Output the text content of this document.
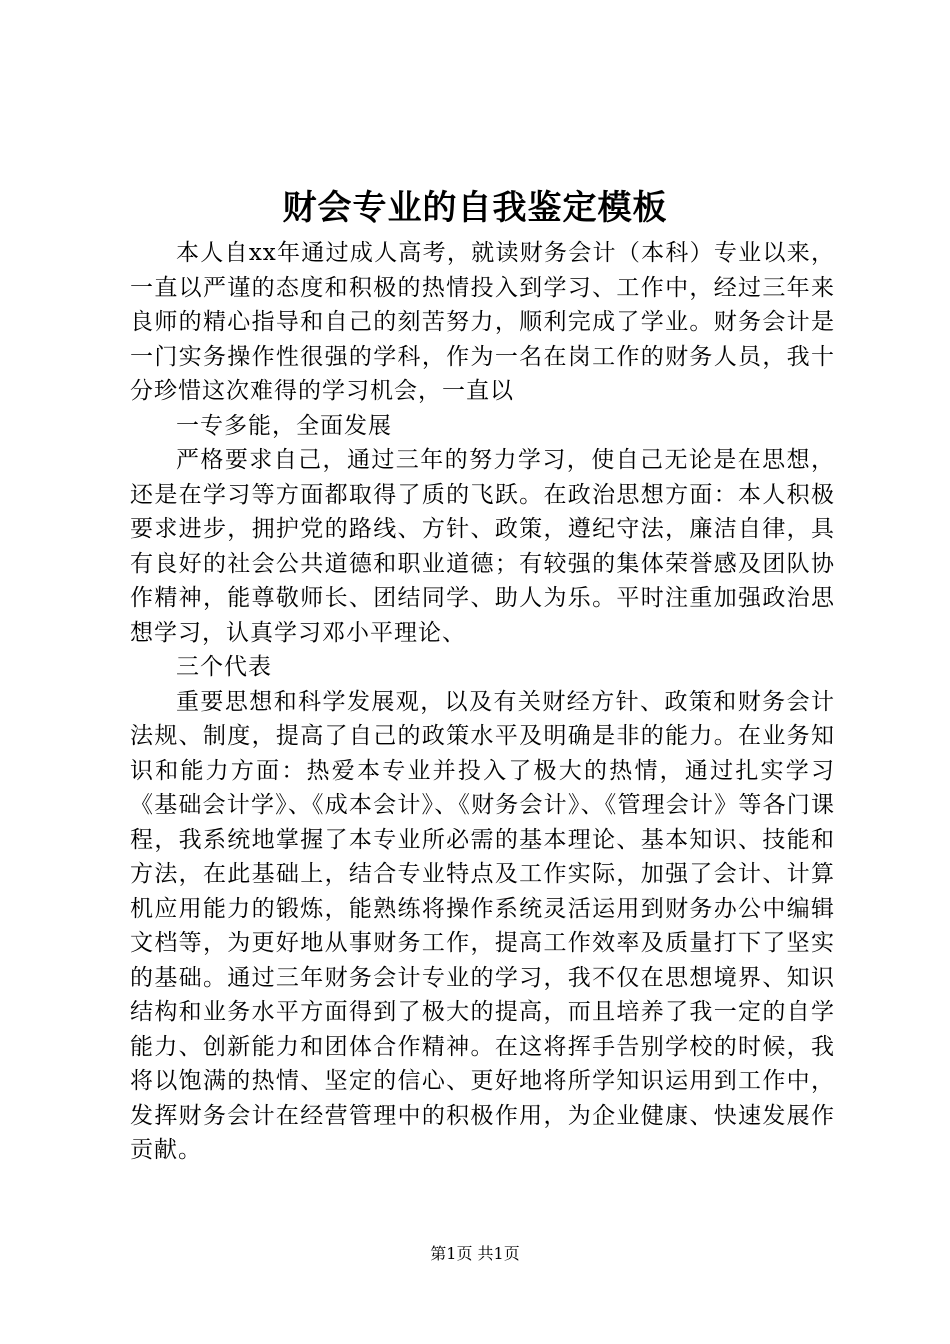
财会专业的自我鉴定模板

本人自xx年通过成人高考，就读财务会计（本科）专业以来，一直以严谨的态度和积极的热情投入到学习、工作中，经过三年来良师的精心指导和自己的刻苦努力，顺利完成了学业。财务会计是一门实务操作性很强的学科，作为一名在岗工作的财务人员，我十分珍惜这次难得的学习机会，一直以

一专多能，全面发展

严格要求自己，通过三年的努力学习，使自己无论是在思想，还是在学习等方面都取得了质的飞跃。在政治思想方面：本人积极要求进步，拥护党的路线、方针、政策，遵纪守法，廉洁自律，具有良好的社会公共道德和职业道德；有较强的集体荣誉感及团队协作精神，能尊敬师长、团结同学、助人为乐。平时注重加强政治思想学习，认真学习邓小平理论、

三个代表

重要思想和科学发展观，以及有关财经方针、政策和财务会计法规、制度，提高了自己的政策水平及明确是非的能力。在业务知识和能力方面：热爱本专业并投入了极大的热情，通过扎实学习《基础会计学》、《成本会计》、《财务会计》、《管理会计》等各门课程，我系统地掌握了本专业所必需的基本理论、基本知识、技能和方法，在此基础上，结合专业特点及工作实际，加强了会计、计算机应用能力的锻炼，能熟练将操作系统灵活运用到财务办公中编辑文档等，为更好地从事财务工作，提高工作效率及质量打下了坚实的基础。通过三年财务会计专业的学习，我不仅在思想境界、知识结构和业务水平方面得到了极大的提高，而且培养了我一定的自学能力、创新能力和团体合作精神。在这将挥手告别学校的时候，我将以饱满的热情、坚定的信心、更好地将所学知识运用到工作中，发挥财务会计在经营管理中的积极作用，为企业健康、快速发展作贡献。

第1页 共1页
